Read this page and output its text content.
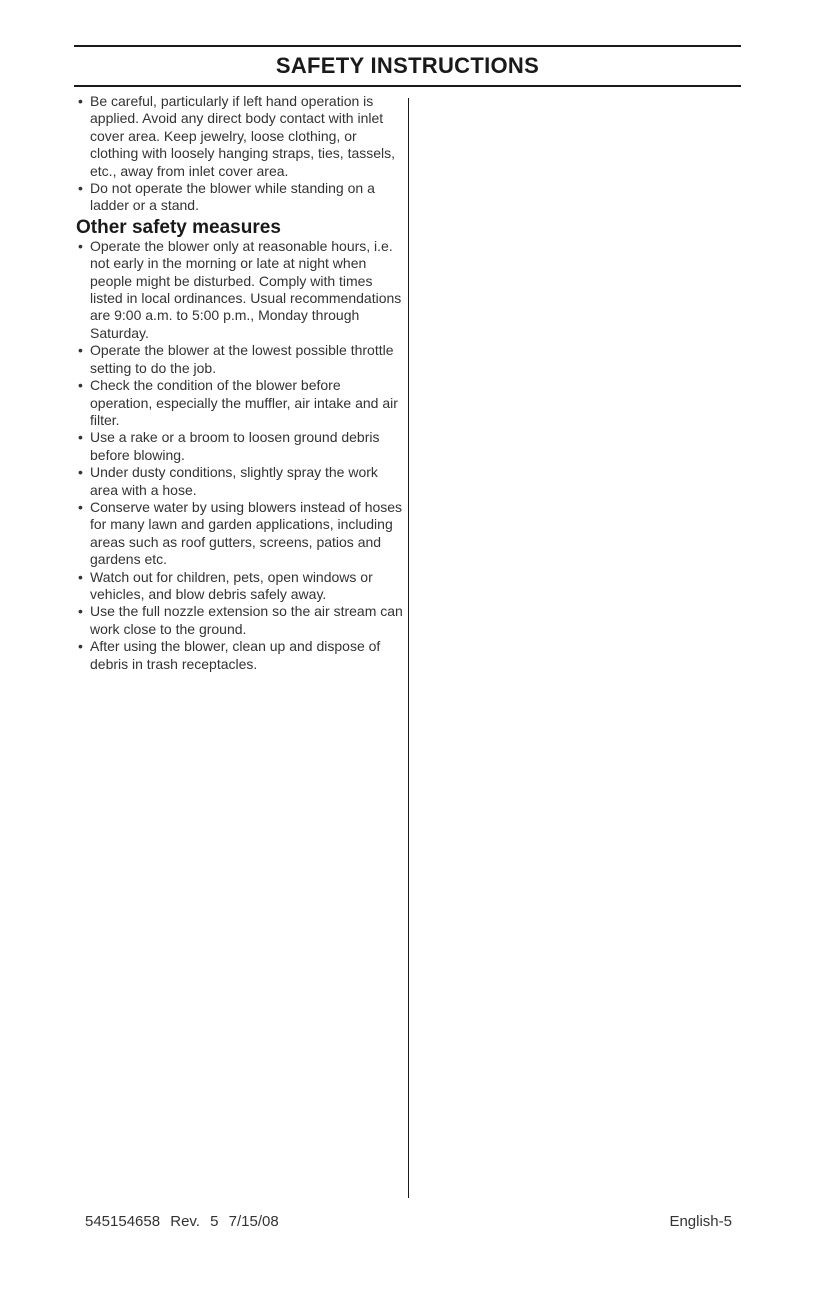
SAFETY INSTRUCTIONS
• Be careful, particularly if left hand operation is applied. Avoid any direct body contact with inlet cover area. Keep jewelry, loose clothing, or clothing with loosely hanging straps, ties, tassels, etc., away from inlet cover area.
• Do not operate the blower while standing on a ladder or a stand.
Other safety measures
• Operate the blower only at reasonable hours, i.e. not early in the morning or late at night when people might be disturbed. Comply with times listed in local ordinances. Usual recommendations are 9:00 a.m. to 5:00 p.m., Monday through Saturday.
• Operate the blower at the lowest possible throttle setting to do the job.
• Check the condition of the blower before operation, especially the muffler, air intake and air filter.
• Use a rake or a broom to loosen ground debris before blowing.
• Under dusty conditions, slightly spray the work area with a hose.
• Conserve water by using blowers instead of hoses for many lawn and garden applications, including areas such as roof gutters, screens, patios and gardens etc.
• Watch out for children, pets, open windows or vehicles, and blow debris safely away.
• Use the full nozzle extension so the air stream can work close to the ground.
• After using the blower, clean up and dispose of debris in trash receptacles.
545154658 Rev. 5 7/15/08	English-5
